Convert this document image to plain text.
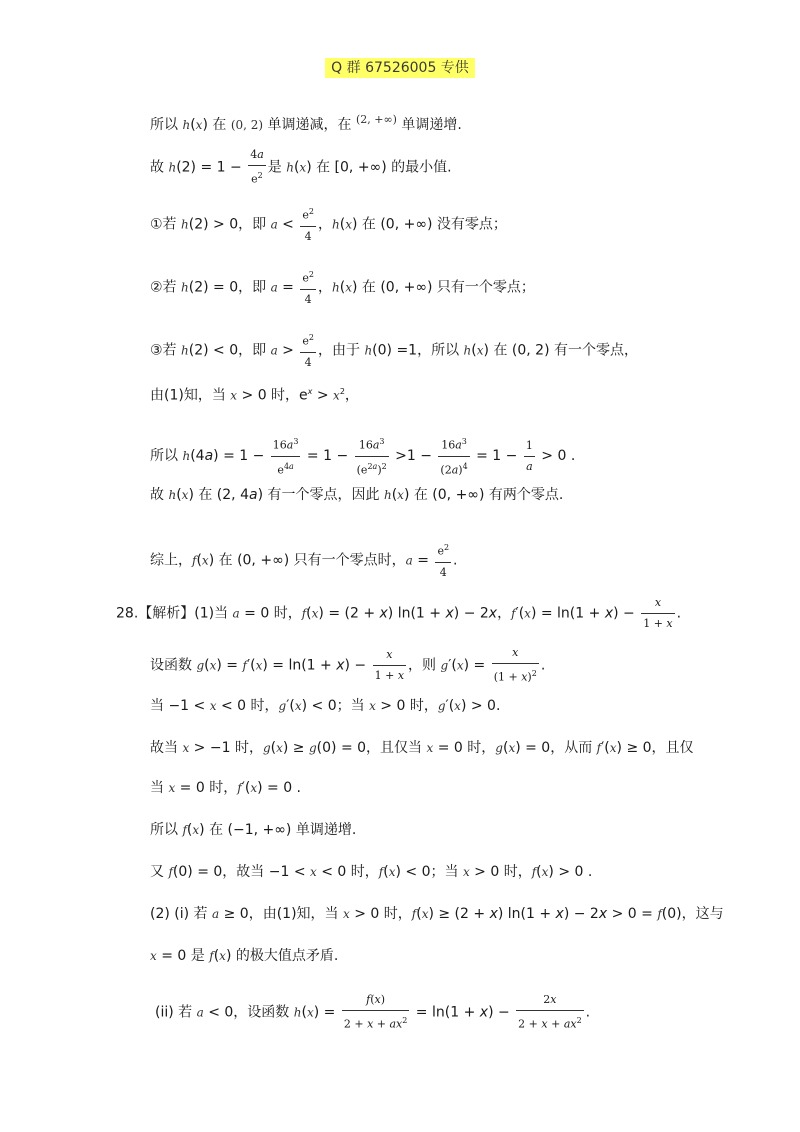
Q 群 67526005 专供
所以 h(x) 在 (0, 2) 单调递减，在 $^{(2, +\infty)}$ 单调递增.
故 $h(2) = 1 - \frac{4a}{e^2}$ 是 h(x) 在 [0, +∞) 的最小值.
①若 h(2) > 0，即 $a < \frac{e^2}{4}$ ，h(x) 在 (0, +∞) 没有零点；
②若 h(2) = 0，即 $a = \frac{e^2}{4}$ ，h(x) 在 (0, +∞) 只有一个零点；
③若 h(2) < 0，即 $a > \frac{e^2}{4}$ ，由于 h(0) =1，所以 h(x) 在 (0, 2) 有一个零点，
由(1)知，当 x > 0 时，$e^x > x^2$，
所以 $h(4a) = 1 - \frac{16a^3}{e^{4a}} = 1 - \frac{16a^3}{(e^{2a})^2} >1 - \frac{16a^3}{(2a)^4} = 1 - \frac{1}{a} > 0$ .
故 h(x) 在 (2, 4a) 有一个零点，因此 h(x) 在 (0, +∞) 有两个零点.
综上，f(x) 在 (0, +∞) 只有一个零点时，$a = \frac{e^2}{4}$ .
28.【解析】(1)当 a = 0 时，f(x) = (2 + x) ln(1 + x) − 2x，$f'(x) = \ln(1 + x) - \frac{x}{1 + x}$ .
设函数 $g(x) = f'(x) = \ln(1 + x) - \frac{x}{1 + x}$ ，则 $g'(x) = \frac{x}{(1 + x)^2}$ .
当 −1 < x < 0 时，g′(x) < 0；当 x > 0 时，g′(x) > 0.
故当 x > −1 时，g(x) ≥ g(0) = 0，且仅当 x = 0 时，g(x) = 0，从而 f′(x) ≥ 0，且仅
当 x = 0 时，f′(x) = 0 .
所以 f(x) 在 (−1, +∞) 单调递增.
又 f(0) = 0，故当 −1 < x < 0 时，f(x) < 0；当 x > 0 时，f(x) > 0 .
(2) (i) 若 a ≥ 0，由(1)知，当 x > 0 时，f(x) ≥ (2 + x) ln(1 + x) − 2x > 0 = f(0)，这与
x = 0 是 f(x) 的极大值点矛盾.
(ii) 若 a < 0，设函数 $h(x) = \frac{f(x)}{2 + x + ax^2} = \ln(1 + x) - \frac{2x}{2 + x + ax^2}$ .
